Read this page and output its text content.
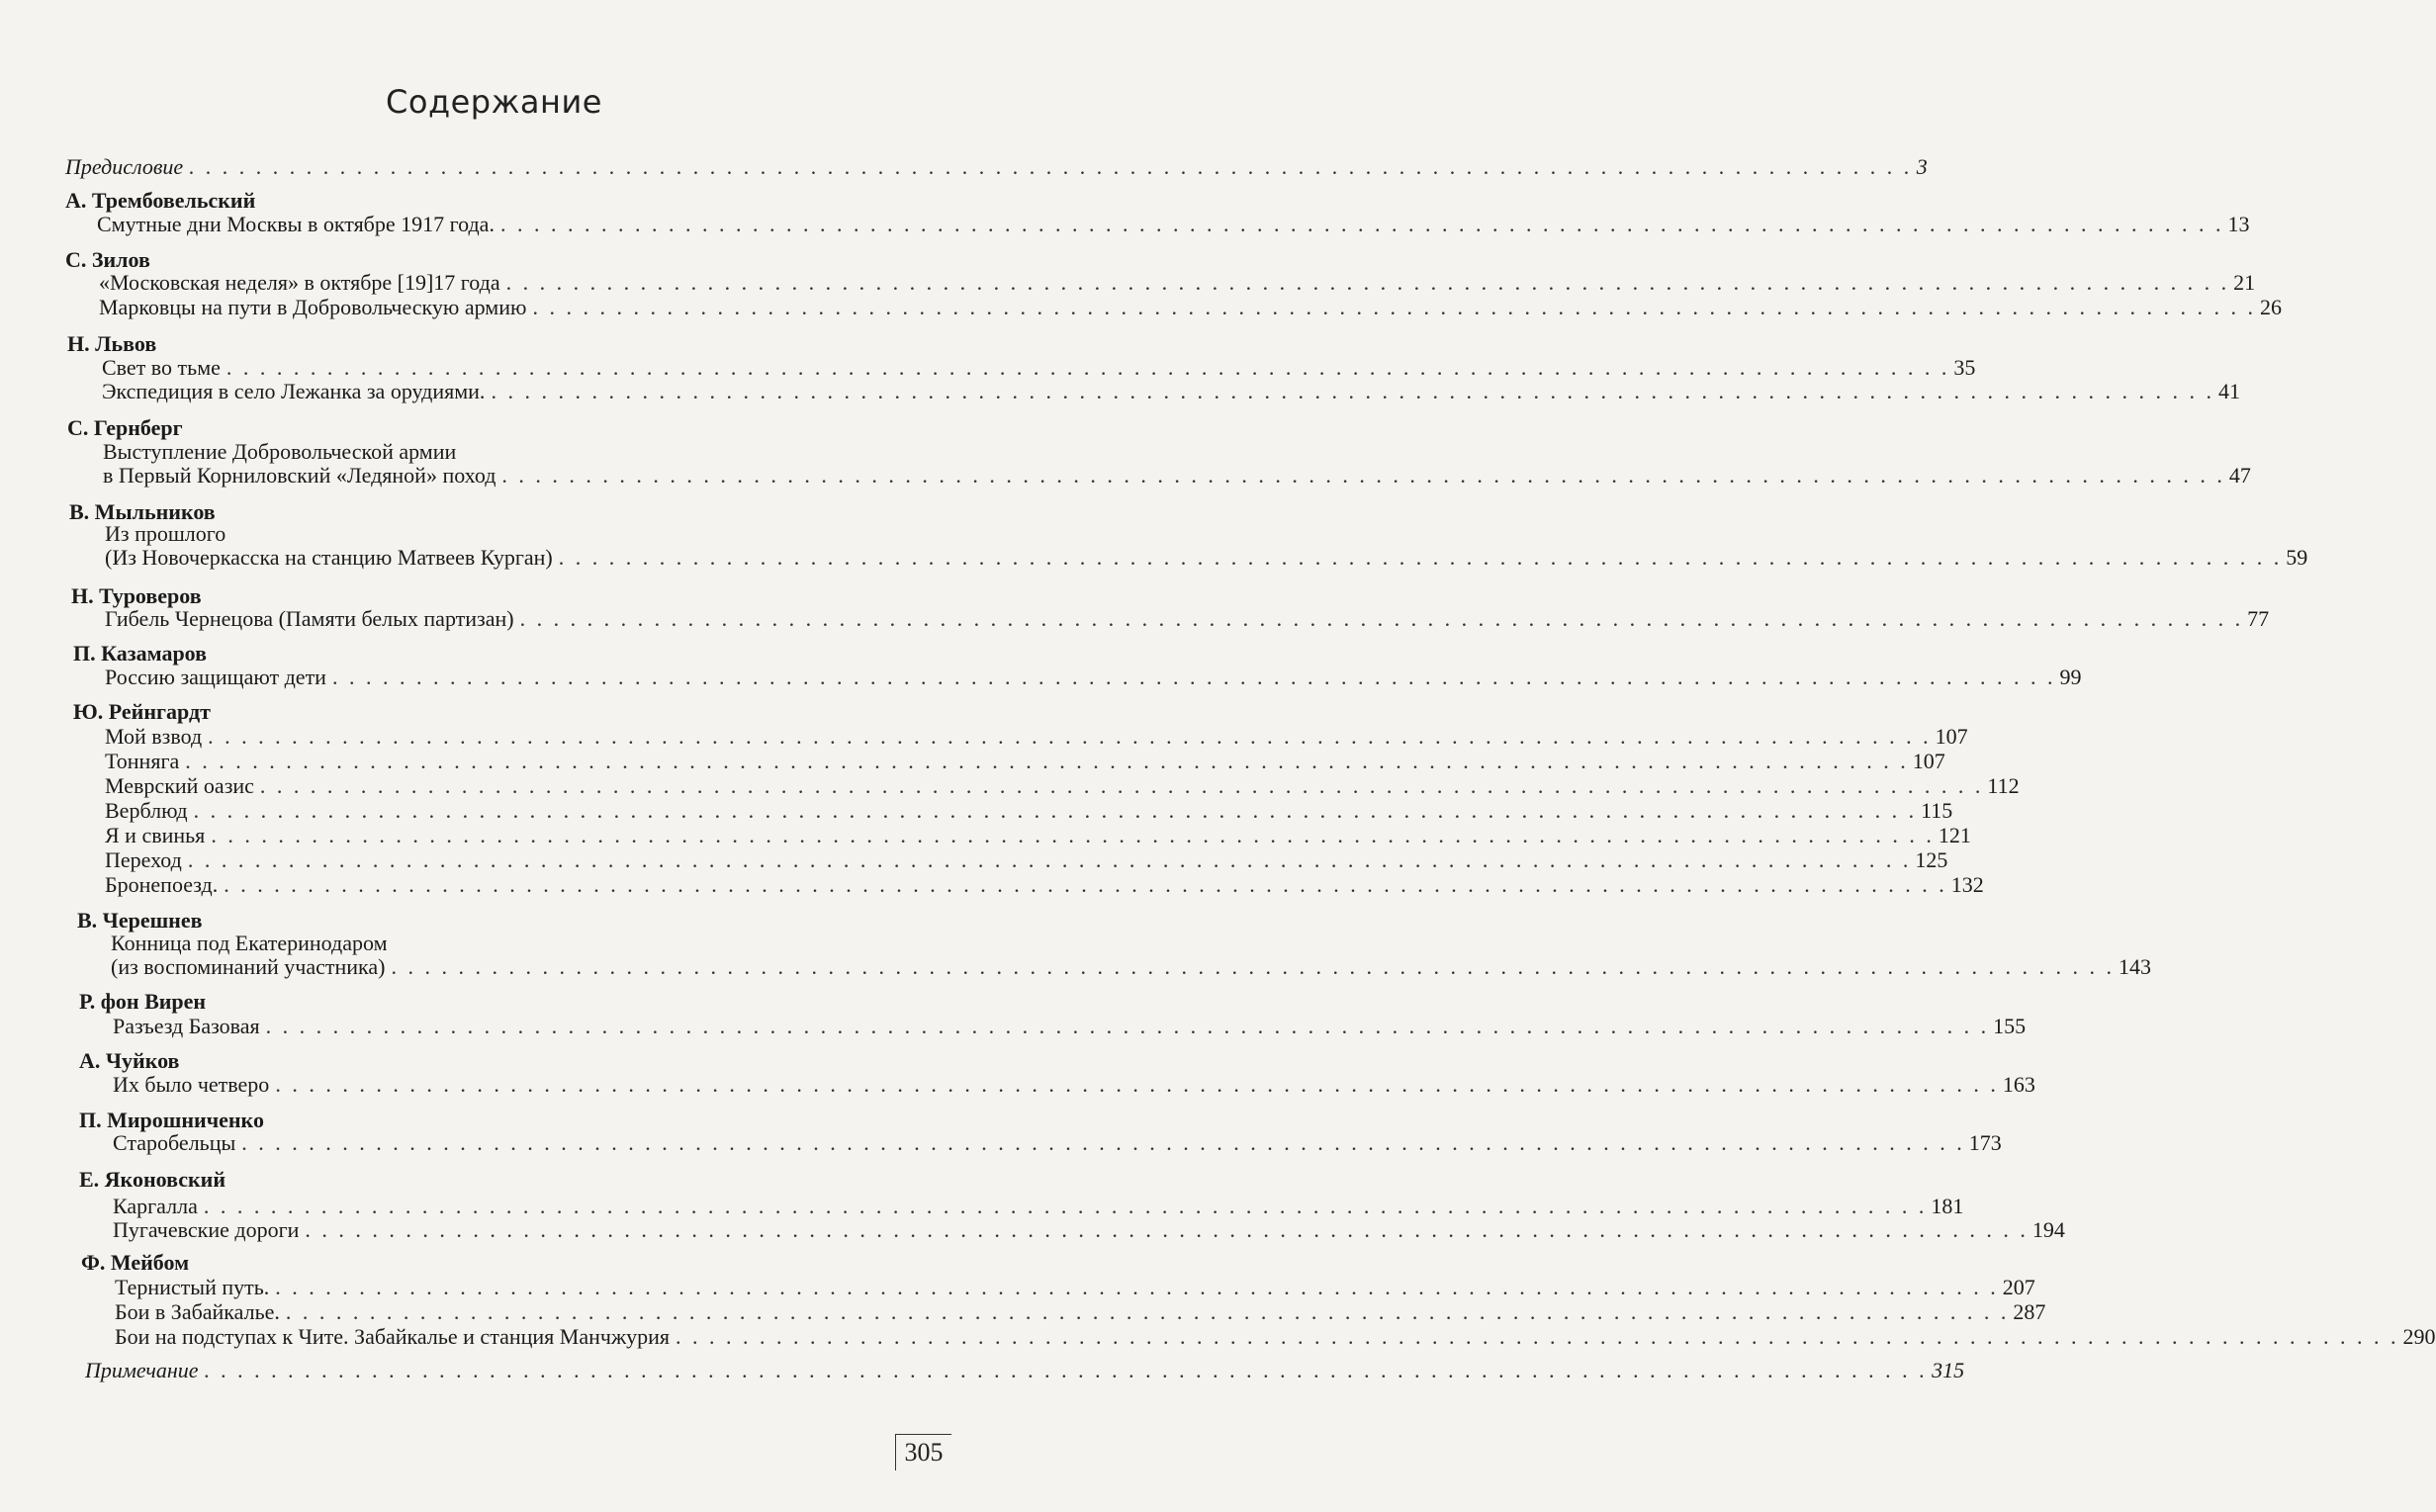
Содержание
Предисловие . . . . . . . . . . . . . . . . . . . . . . . . . . . . . . . . . . . . . . . . . . . . . . . . . . . . . . . . . . . . . . . . . . . . . . . . . . . . . . . . . . . . . . . . . . . . . . . . . . . . . . . 3
А. Трембовельский
Смутные дни Москвы в октябре 1917 года. . . . . . . . . . . . . . . . . . . . . . . . . . . . . . . . . . . . . . . . . . . . . . . . . . . . . . . . . . . . . . . . . . . . . . . . . . . . . . . . . . . . . . . . . . . . . . . . . . . . . . . . 13
С. Зилов
«Московская неделя» в октябре [19]17 года . . . . . . . . . . . . . . . . . . . . . . . . . . . . . . . . . . . . . . . . . . . . . . . . . . . . . . . . . . . . . . . . . . . . . . . . . . . . . . . . . . . . . . . . . . . . . . . . . . . . . . . 21
Марковцы на пути в Добровольческую армию . . . . . . . . . . . . . . . . . . . . . . . . . . . . . . . . . . . . . . . . . . . . . . . . . . . . . . . . . . . . . . . . . . . . . . . . . . . . . . . . . . . . . . . . . . . . . . . . . . . . . . . 26
Н. Львов
Свет во тьме . . . . . . . . . . . . . . . . . . . . . . . . . . . . . . . . . . . . . . . . . . . . . . . . . . . . . . . . . . . . . . . . . . . . . . . . . . . . . . . . . . . . . . . . . . . . . . . . . . . . . . . 35
Экспедиция в село Лежанка за орудиями. . . . . . . . . . . . . . . . . . . . . . . . . . . . . . . . . . . . . . . . . . . . . . . . . . . . . . . . . . . . . . . . . . . . . . . . . . . . . . . . . . . . . . . . . . . . . . . . . . . . . . . . 41
С. Гернберг
Выступление Добровольческой армии
в Первый Корниловский «Ледяной» поход . . . . . . . . . . . . . . . . . . . . . . . . . . . . . . . . . . . . . . . . . . . . . . . . . . . . . . . . . . . . . . . . . . . . . . . . . . . . . . . . . . . . . . . . . . . . . . . . . . . . . . . 47
В. Мыльников
Из прошлого
(Из Новочеркасска на станцию Матвеев Курган) . . . . . . . . . . . . . . . . . . . . . . . . . . . . . . . . . . . . . . . . . . . . . . . . . . . . . . . . . . . . . . . . . . . . . . . . . . . . . . . . . . . . . . . . . . . . . . . . . . . . . . . 59
Н. Туроверов
Гибель Чернецова (Памяти белых партизан) . . . . . . . . . . . . . . . . . . . . . . . . . . . . . . . . . . . . . . . . . . . . . . . . . . . . . . . . . . . . . . . . . . . . . . . . . . . . . . . . . . . . . . . . . . . . . . . . . . . . . . . 77
П. Казамаров
Россию защищают дети . . . . . . . . . . . . . . . . . . . . . . . . . . . . . . . . . . . . . . . . . . . . . . . . . . . . . . . . . . . . . . . . . . . . . . . . . . . . . . . . . . . . . . . . . . . . . . . . . . . . . . . 99
Ю. Рейнгардт
Мой взвод . . . . . . . . . . . . . . . . . . . . . . . . . . . . . . . . . . . . . . . . . . . . . . . . . . . . . . . . . . . . . . . . . . . . . . . . . . . . . . . . . . . . . . . . . . . . . . . . . . . . . . . 107
Тонняга . . . . . . . . . . . . . . . . . . . . . . . . . . . . . . . . . . . . . . . . . . . . . . . . . . . . . . . . . . . . . . . . . . . . . . . . . . . . . . . . . . . . . . . . . . . . . . . . . . . . . . . 107
Меврский оазис . . . . . . . . . . . . . . . . . . . . . . . . . . . . . . . . . . . . . . . . . . . . . . . . . . . . . . . . . . . . . . . . . . . . . . . . . . . . . . . . . . . . . . . . . . . . . . . . . . . . . . . 112
Верблюд . . . . . . . . . . . . . . . . . . . . . . . . . . . . . . . . . . . . . . . . . . . . . . . . . . . . . . . . . . . . . . . . . . . . . . . . . . . . . . . . . . . . . . . . . . . . . . . . . . . . . . . 115
Я и свинья . . . . . . . . . . . . . . . . . . . . . . . . . . . . . . . . . . . . . . . . . . . . . . . . . . . . . . . . . . . . . . . . . . . . . . . . . . . . . . . . . . . . . . . . . . . . . . . . . . . . . . . 121
Переход . . . . . . . . . . . . . . . . . . . . . . . . . . . . . . . . . . . . . . . . . . . . . . . . . . . . . . . . . . . . . . . . . . . . . . . . . . . . . . . . . . . . . . . . . . . . . . . . . . . . . . . 125
Бронепоезд. . . . . . . . . . . . . . . . . . . . . . . . . . . . . . . . . . . . . . . . . . . . . . . . . . . . . . . . . . . . . . . . . . . . . . . . . . . . . . . . . . . . . . . . . . . . . . . . . . . . . . . . 132
В. Черешнев
Конница под Екатеринодаром
(из воспоминаний участника) . . . . . . . . . . . . . . . . . . . . . . . . . . . . . . . . . . . . . . . . . . . . . . . . . . . . . . . . . . . . . . . . . . . . . . . . . . . . . . . . . . . . . . . . . . . . . . . . . . . . . . . 143
Р. фон Вирен
Разъезд Базовая . . . . . . . . . . . . . . . . . . . . . . . . . . . . . . . . . . . . . . . . . . . . . . . . . . . . . . . . . . . . . . . . . . . . . . . . . . . . . . . . . . . . . . . . . . . . . . . . . . . . . . . 155
А. Чуйков
Их было четверо . . . . . . . . . . . . . . . . . . . . . . . . . . . . . . . . . . . . . . . . . . . . . . . . . . . . . . . . . . . . . . . . . . . . . . . . . . . . . . . . . . . . . . . . . . . . . . . . . . . . . . . 163
П. Мирошниченко
Старобельцы . . . . . . . . . . . . . . . . . . . . . . . . . . . . . . . . . . . . . . . . . . . . . . . . . . . . . . . . . . . . . . . . . . . . . . . . . . . . . . . . . . . . . . . . . . . . . . . . . . . . . . . 173
Е. Яконовский
Каргалла . . . . . . . . . . . . . . . . . . . . . . . . . . . . . . . . . . . . . . . . . . . . . . . . . . . . . . . . . . . . . . . . . . . . . . . . . . . . . . . . . . . . . . . . . . . . . . . . . . . . . . . 181
Пугачевские дороги . . . . . . . . . . . . . . . . . . . . . . . . . . . . . . . . . . . . . . . . . . . . . . . . . . . . . . . . . . . . . . . . . . . . . . . . . . . . . . . . . . . . . . . . . . . . . . . . . . . . . . . 194
Ф. Мейбом
Тернистый путь. . . . . . . . . . . . . . . . . . . . . . . . . . . . . . . . . . . . . . . . . . . . . . . . . . . . . . . . . . . . . . . . . . . . . . . . . . . . . . . . . . . . . . . . . . . . . . . . . . . . . . . . 207
Бои в Забайкалье. . . . . . . . . . . . . . . . . . . . . . . . . . . . . . . . . . . . . . . . . . . . . . . . . . . . . . . . . . . . . . . . . . . . . . . . . . . . . . . . . . . . . . . . . . . . . . . . . . . . . . . . 287
Бои на подступах к Чите. Забайкалье и станция Манчжурия . . . . . . . . . . . . . . . . . . . . . . . . . . . . . . . . . . . . . . . . . . . . . . . . . . . . . . . . . . . . . . . . . . . . . . . . . . . . . . . . . . . . . . . . . . . . . . . . . . . . . . . 290
Примечание . . . . . . . . . . . . . . . . . . . . . . . . . . . . . . . . . . . . . . . . . . . . . . . . . . . . . . . . . . . . . . . . . . . . . . . . . . . . . . . . . . . . . . . . . . . . . . . . . . . . . . . 315
305
